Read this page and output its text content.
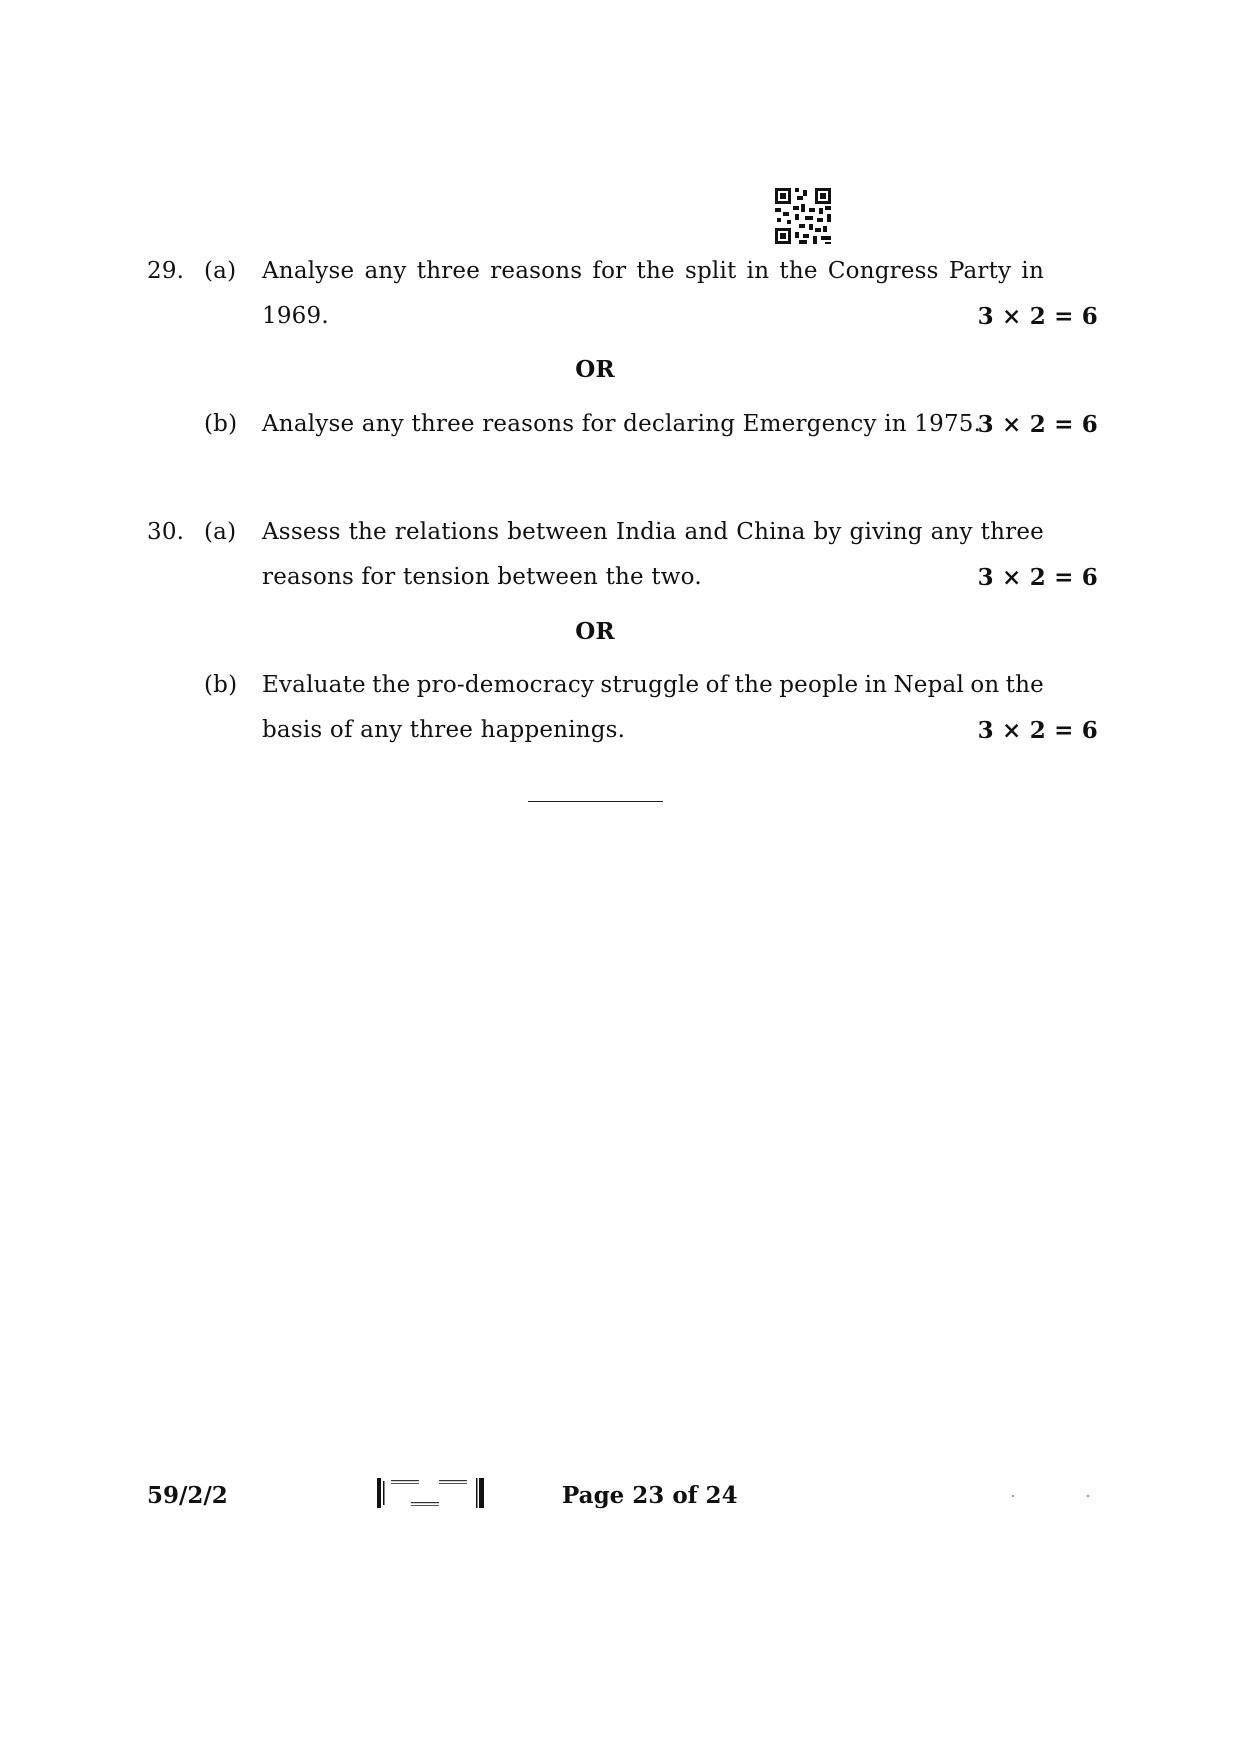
29. (a) Analyse any three reasons for the split in the Congress Party in
1969.	3 × 2 = 6
OR
(b) Analyse any three reasons for declaring Emergency in 1975.
3 × 2 = 6
30. (a) Assess the relations between India and China by giving any three
reasons for tension between the two.	3 × 2 = 6
OR
(b) Evaluate the pro-democracy struggle of the people in Nepal on the
basis of any three happenings.	3 × 2 = 6
59/2/2	Page 23 of 24
